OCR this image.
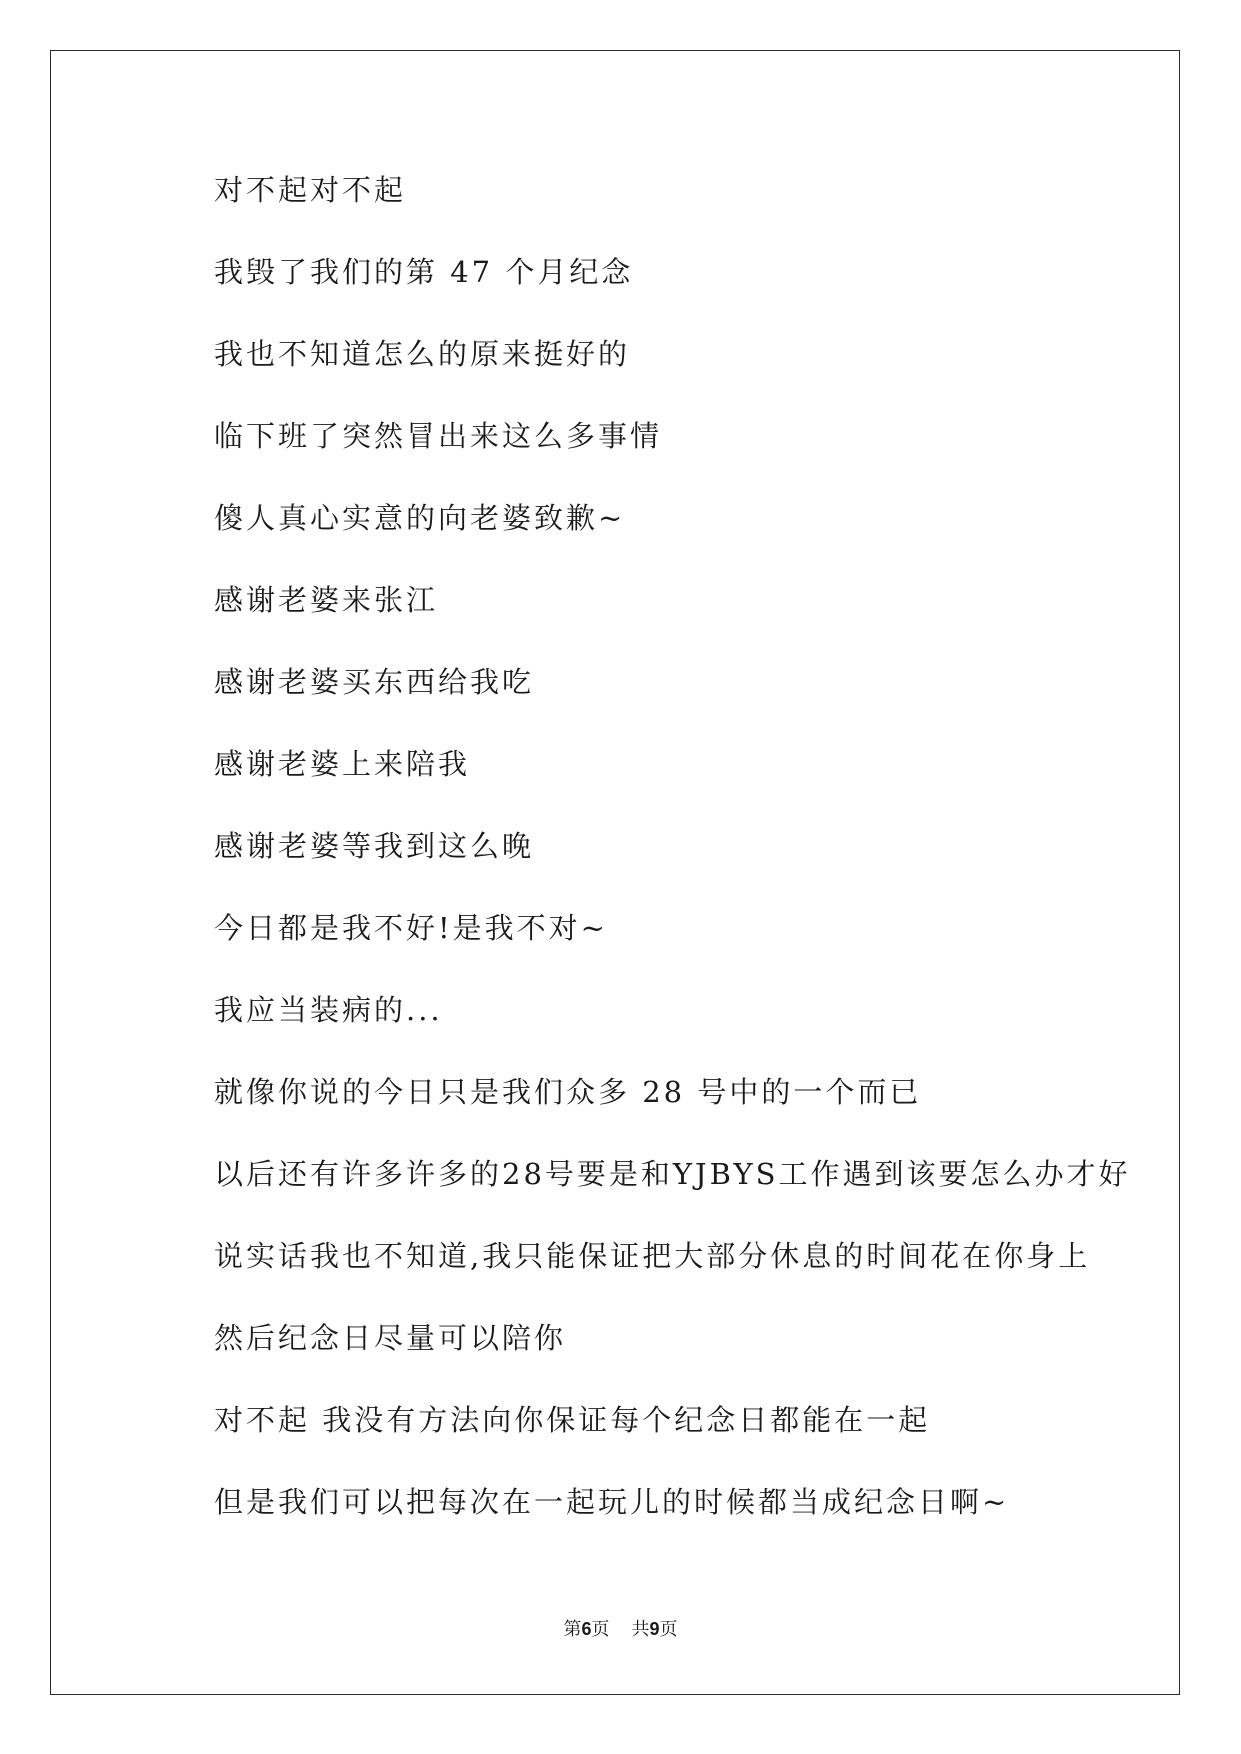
对不起对不起
我毁了我们的第 47 个月纪念
我也不知道怎么的原来挺好的
临下班了突然冒出来这么多事情
傻人真心实意的向老婆致歉~
感谢老婆来张江
感谢老婆买东西给我吃
感谢老婆上来陪我
感谢老婆等我到这么晚
今日都是我不好!是我不对~
我应当装病的...
就像你说的今日只是我们众多 28 号中的一个而已
以后还有许多许多的28号要是和YJBYS工作遇到该要怎么办才好
说实话我也不知道,我只能保证把大部分休息的时间花在你身上
然后纪念日尽量可以陪你
对不起 我没有方法向你保证每个纪念日都能在一起
但是我们可以把每次在一起玩儿的时候都当成纪念日啊~
第6页 共9页
